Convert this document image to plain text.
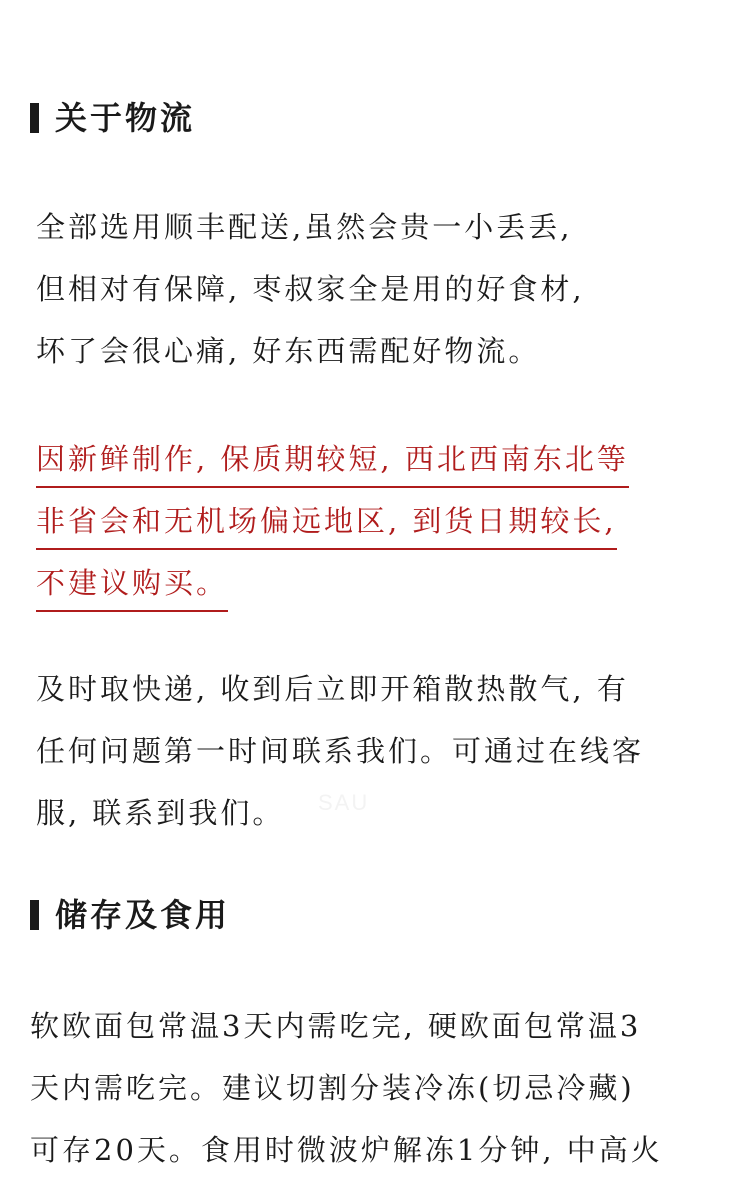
关于物流
全部选用顺丰配送,虽然会贵一小丢丢,
但相对有保障, 枣叔家全是用的好食材,
坏了会很心痛, 好东西需配好物流。
因新鲜制作, 保质期较短, 西北西南东北等
非省会和无机场偏远地区, 到货日期较长,
不建议购买。
及时取快递, 收到后立即开箱散热散气, 有
任何问题第一时间联系我们。可通过在线客
服, 联系到我们。	SAU
储存及食用
软欧面包常温3天内需吃完, 硬欧面包常温3
天内需吃完。建议切割分装冷冻(切忌冷藏)
可存20天。食用时微波炉解冻1分钟, 中高火
